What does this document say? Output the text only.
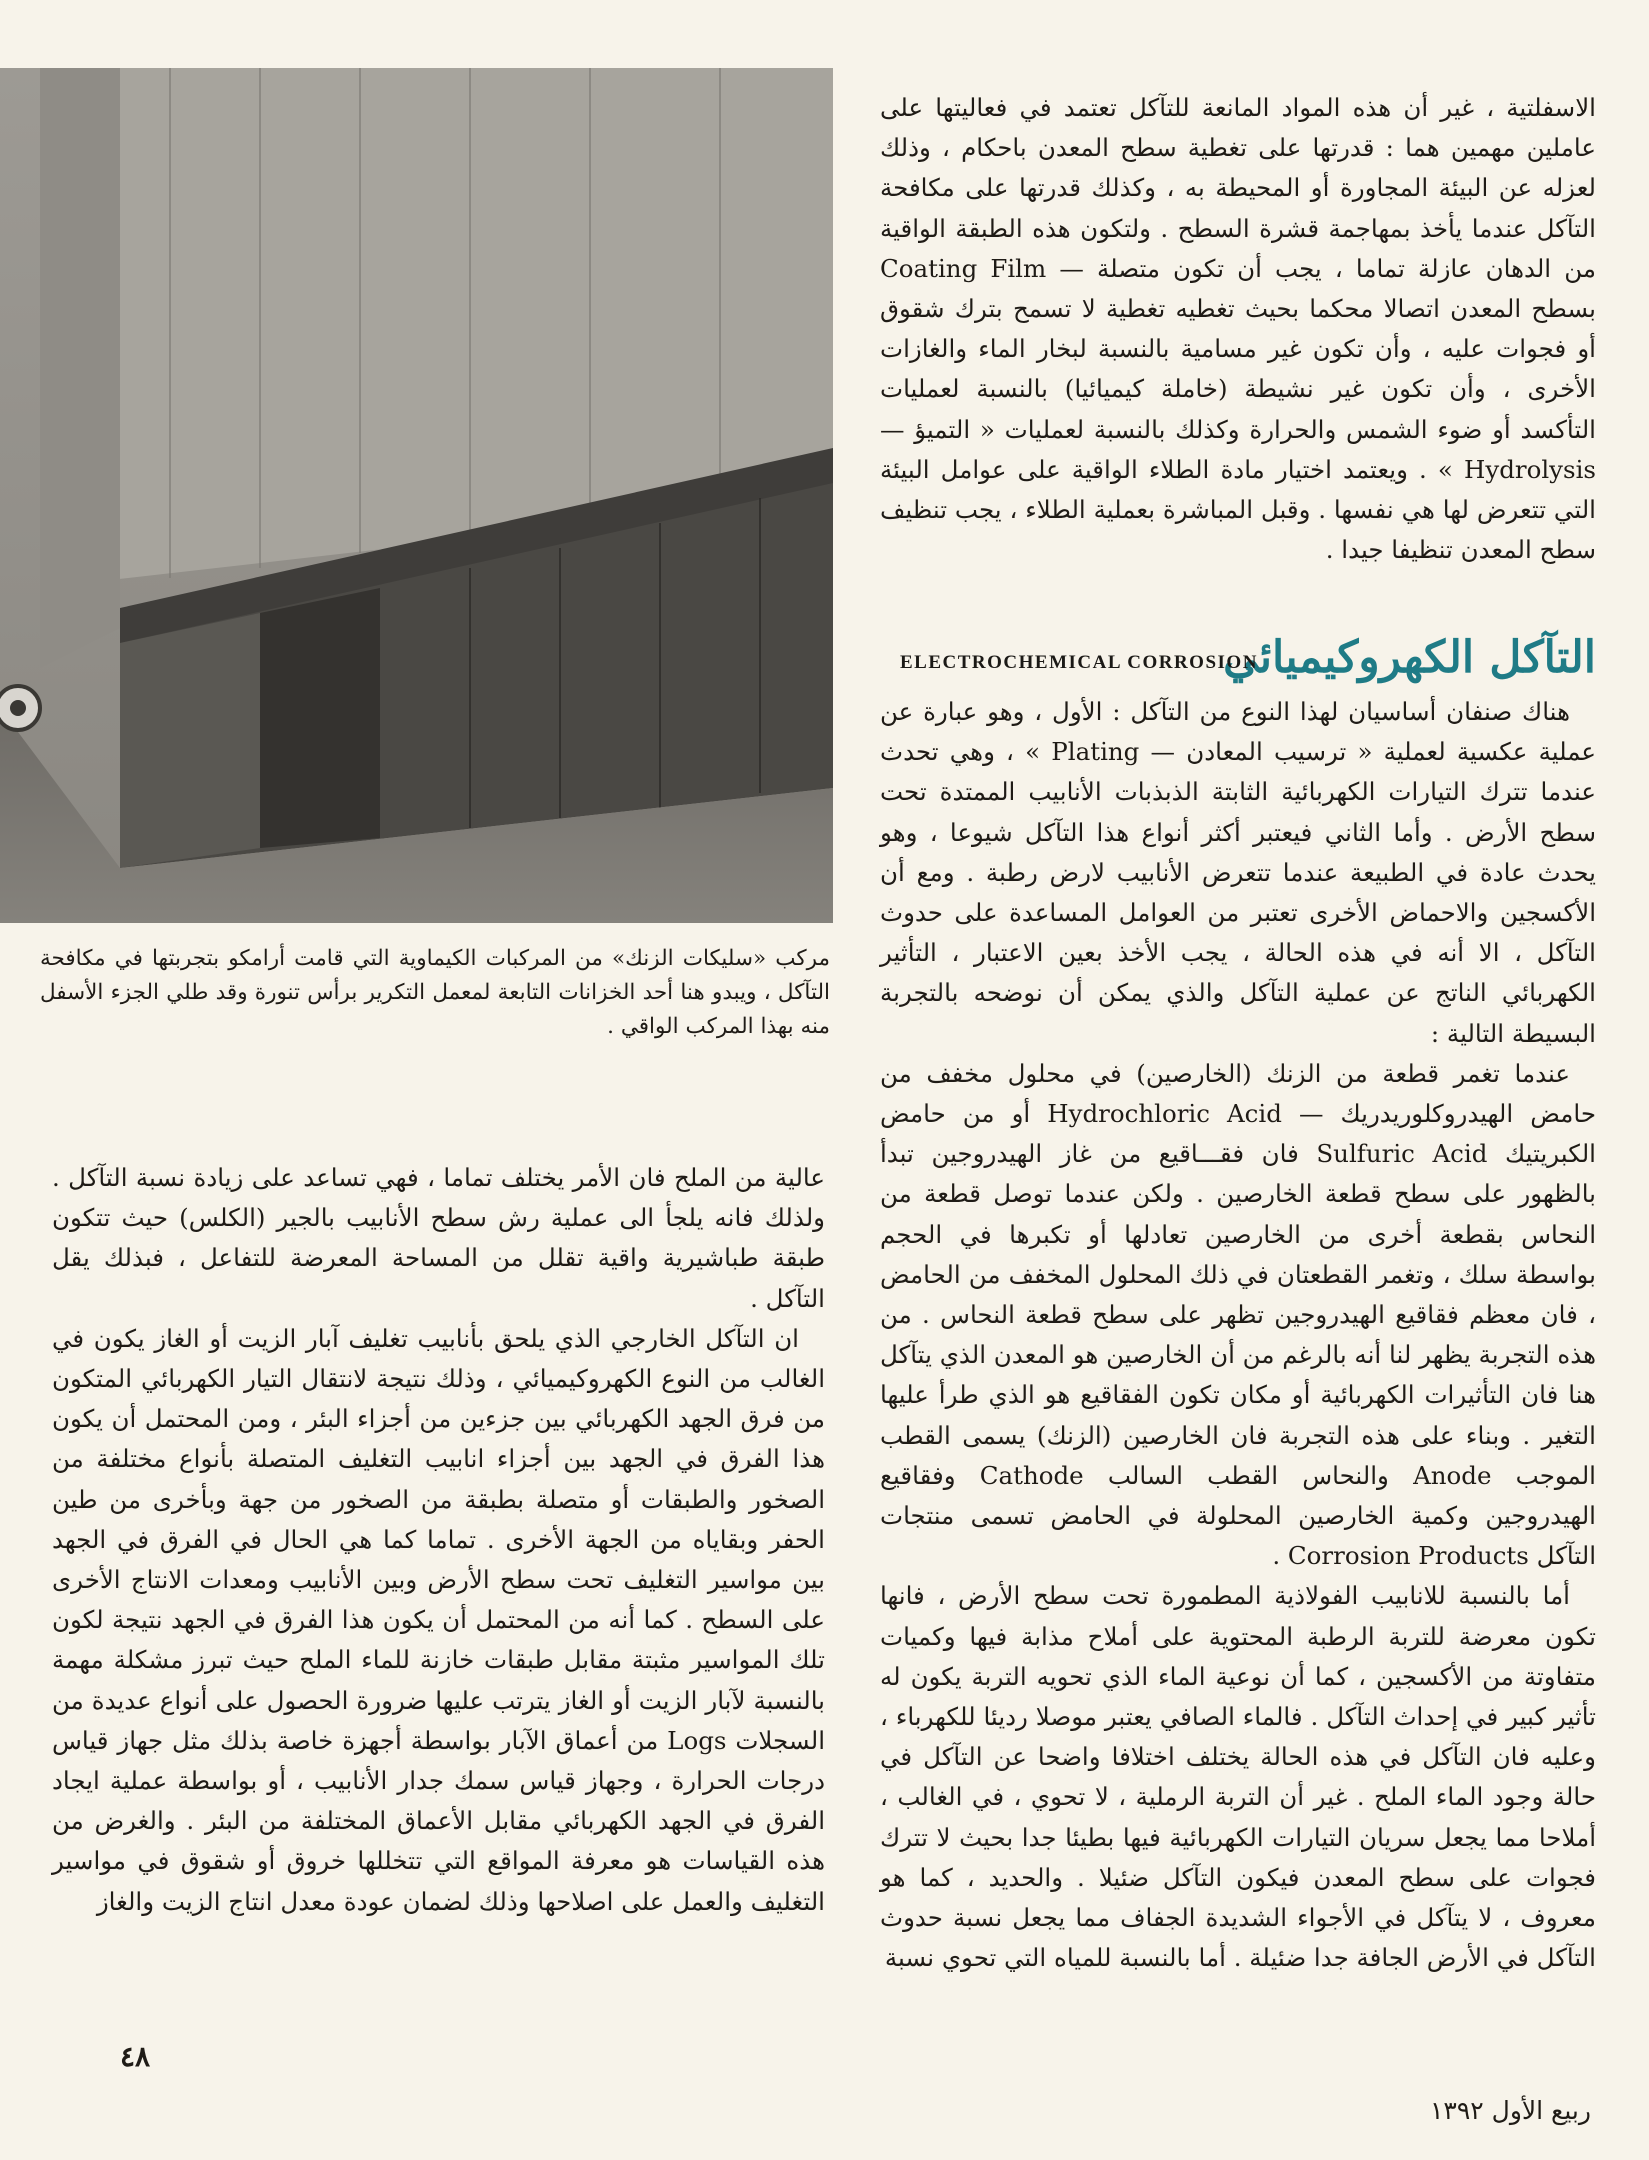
مركب «سليكات الزنك» من المركبات الكيماوية التي قامت أرامكو بتجربتها في مكافحة التآكل ، ويبدو هنا أحد الخزانات التابعة لمعمل التكرير برأس تنورة وقد طلي الجزء الأسفل منه بهذا المركب الواقي .

الاسفلتية ، غير أن هذه المواد المانعة للتآكل تعتمد في فعاليتها على عاملين مهمين هما : قدرتها على تغطية سطح المعدن باحكام ، وذلك لعزله عن البيئة المجاورة أو المحيطة به ، وكذلك قدرتها على مكافحة التآكل عندما يأخذ بمهاجمة قشرة السطح . ولتكون هذه الطبقة الواقية من الدهان عازلة تماما ، يجب أن تكون متصلة — Coating Film بسطح المعدن اتصالا محكما بحيث تغطيه تغطية لا تسمح بترك شقوق أو فجوات عليه ، وأن تكون غير مسامية بالنسبة لبخار الماء والغازات الأخرى ، وأن تكون غير نشيطة (خاملة كيميائيا) بالنسبة لعمليات التأكسد أو ضوء الشمس والحرارة وكذلك بالنسبة لعمليات « التميؤ — Hydrolysis » . ويعتمد اختيار مادة الطلاء الواقية على عوامل البيئة التي تتعرض لها هي نفسها . وقبل المباشرة بعملية الطلاء ، يجب تنظيف سطح المعدن تنظيفا جيدا .

التآكل الكهروكيميائي
ELECTROCHEMICAL CORROSION

هناك صنفان أساسيان لهذا النوع من التآكل : الأول ، وهو عبارة عن عملية عكسية لعملية « ترسيب المعادن — Plating » ، وهي تحدث عندما تترك التيارات الكهربائية الثابتة الذبذبات الأنابيب الممتدة تحت سطح الأرض . وأما الثاني فيعتبر أكثر أنواع هذا التآكل شيوعا ، وهو يحدث عادة في الطبيعة عندما تتعرض الأنابيب لارض رطبة . ومع أن الأكسجين والاحماض الأخرى تعتبر من العوامل المساعدة على حدوث التآكل ، الا أنه في هذه الحالة ، يجب الأخذ بعين الاعتبار ، التأثير الكهربائي الناتج عن عملية التآكل والذي يمكن أن نوضحه بالتجربة البسيطة التالية :

عندما تغمر قطعة من الزنك (الخارصين) في محلول مخفف من حامض الهيدروكلوريدريك — Hydrochloric Acid أو من حامض الكبريتيك Sulfuric Acid فان فقـــاقيع من غاز الهيدروجين تبدأ بالظهور على سطح قطعة الخارصين . ولكن عندما توصل قطعة من النحاس بقطعة أخرى من الخارصين تعادلها أو تكبرها في الحجم بواسطة سلك ، وتغمر القطعتان في ذلك المحلول المخفف من الحامض ، فان معظم فقاقيع الهيدروجين تظهر على سطح قطعة النحاس . من هذه التجربة يظهر لنا أنه بالرغم من أن الخارصين هو المعدن الذي يتآكل هنا فان التأثيرات الكهربائية أو مكان تكون الفقاقيع هو الذي طرأ عليها التغير . وبناء على هذه التجربة فان الخارصين (الزنك) يسمى القطب الموجب Anode والنحاس القطب السالب Cathode وفقاقيع الهيدروجين وكمية الخارصين المحلولة في الحامض تسمى منتجات التآكل Corrosion Products .

أما بالنسبة للانابيب الفولاذية المطمورة تحت سطح الأرض ، فانها تكون معرضة للتربة الرطبة المحتوية على أملاح مذابة فيها وكميات متفاوتة من الأكسجين ، كما أن نوعية الماء الذي تحويه التربة يكون له تأثير كبير في إحداث التآكل . فالماء الصافي يعتبر موصلا رديئا للكهرباء ، وعليه فان التآكل في هذه الحالة يختلف اختلافا واضحا عن التآكل في حالة وجود الماء الملح . غير أن التربة الرملية ، لا تحوي ، في الغالب ، أملاحا مما يجعل سريان التيارات الكهربائية فيها بطيئا جدا بحيث لا تترك فجوات على سطح المعدن فيكون التآكل ضئيلا . والحديد ، كما هو معروف ، لا يتآكل في الأجواء الشديدة الجفاف مما يجعل نسبة حدوث التآكل في الأرض الجافة جدا ضئيلة . أما بالنسبة للمياه التي تحوي نسبة

عالية من الملح فان الأمر يختلف تماما ، فهي تساعد على زيادة نسبة التآكل . ولذلك فانه يلجأ الى عملية رش سطح الأنابيب بالجير (الكلس) حيث تتكون طبقة طباشيرية واقية تقلل من المساحة المعرضة للتفاعل ، فبذلك يقل التآكل .

ان التآكل الخارجي الذي يلحق بأنابيب تغليف آبار الزيت أو الغاز يكون في الغالب من النوع الكهروكيميائي ، وذلك نتيجة لانتقال التيار الكهربائي المتكون من فرق الجهد الكهربائي بين جزءين من أجزاء البئر ، ومن المحتمل أن يكون هذا الفرق في الجهد بين أجزاء انابيب التغليف المتصلة بأنواع مختلفة من الصخور والطبقات أو متصلة بطبقة من الصخور من جهة وبأخرى من طين الحفر وبقاياه من الجهة الأخرى . تماما كما هي الحال في الفرق في الجهد بين مواسير التغليف تحت سطح الأرض وبين الأنابيب ومعدات الانتاج الأخرى على السطح . كما أنه من المحتمل أن يكون هذا الفرق في الجهد نتيجة لكون تلك المواسير مثبتة مقابل طبقات خازنة للماء الملح حيث تبرز مشكلة مهمة بالنسبة لآبار الزيت أو الغاز يترتب عليها ضرورة الحصول على أنواع عديدة من السجلات Logs من أعماق الآبار بواسطة أجهزة خاصة بذلك مثل جهاز قياس درجات الحرارة ، وجهاز قياس سمك جدار الأنابيب ، أو بواسطة عملية ايجاد الفرق في الجهد الكهربائي مقابل الأعماق المختلفة من البئر . والغرض من هذه القياسات هو معرفة المواقع التي تتخللها خروق أو شقوق في مواسير التغليف والعمل على اصلاحها وذلك لضمان عودة معدل انتاج الزيت والغاز

٤٨
ربيع الأول ١٣٩٢
